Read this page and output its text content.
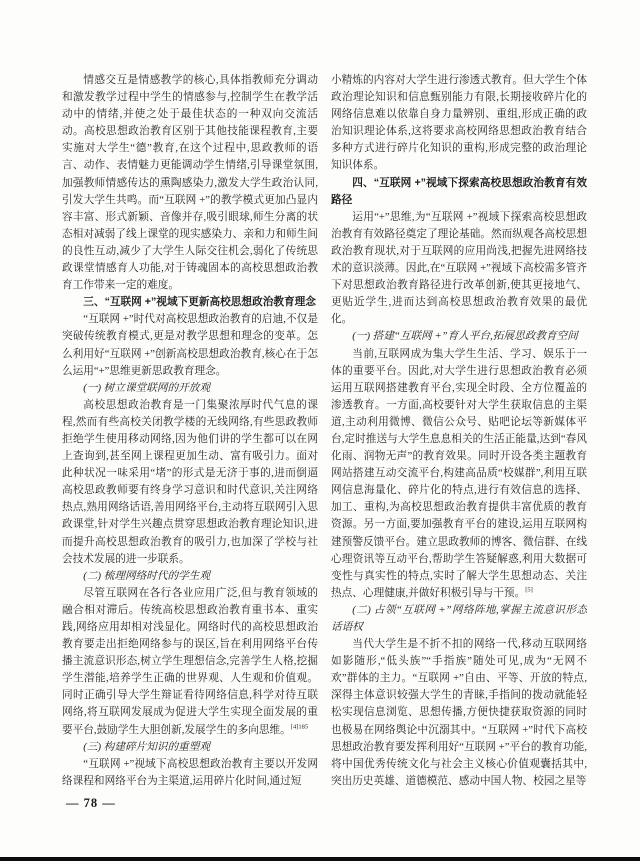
情感交互是情感教学的核心,具体指教师充分调动和激发教学过程中学生的情感参与,控制学生在教学活动中的情绪,并使之处于最佳状态的一种双向交流活动。高校思想政治教育区别于其他技能课程教育,主要实施对大学生“德”教育,在这个过程中,思政教师的语言、动作、表情魅力更能调动学生情绪,引导课堂氛围,加强教师情感传达的熏陶感染力,激发大学生政治认同,引发大学生共鸣。而“互联网 +”的教学模式更加凸显内容丰富、形式新颖、音像并存,吸引眼球,师生分离的状态相对减弱了线上课堂的现实感染力、亲和力和师生间的良性互动,减少了大学生人际交往机会,弱化了传统思政课堂情感育人功能,对于铸魂固本的高校思想政治教育工作带来一定的难度。

三、“互联网 +”视域下更新高校思想政治教育理念

“互联网 +”时代对高校思想政治教育的启迪,不仅是突破传统教育模式,更是对教学思想和理念的变革。怎么利用好“互联网 +”创新高校思想政治教育,核心在于怎么运用“+”思维更新思政教育理念。

(一) 树立课堂联网的开放观

高校思想政治教育是一门集聚浓厚时代气息的课程,然而有些高校关闭教学楼的无线网络,有些思政教师拒绝学生使用移动网络,因为他们讲的学生都可以在网上查询到,甚至网上课程更加生动、富有吸引力。面对此种状况一味采用“堵”的形式是无济于事的,进而倒逼高校思政教师要有终身学习意识和时代意识,关注网络热点,熟用网络话语,善用网络平台,主动将互联网引入思政课堂,针对学生兴趣点贯穿思想政治教育理论知识,进而提升高校思想政治教育的吸引力,也加深了学校与社会技术发展的进一步联系。

(二) 梳理网络时代的学生观

尽管互联网在各行各业应用广泛,但与教育领域的融合相对滞后。传统高校思想政治教育重书本、重实践,网络应用却相对浅显化。网络时代的高校思想政治教育要走出拒绝网络参与的误区,旨在利用网络平台传播主流意识形态,树立学生理想信念,完善学生人格,挖掘学生潜能,培养学生正确的世界观、人生观和价值观。同时正确引导大学生辩证看待网络信息,科学对待互联网络,将互联网发展成为促进大学生实现全面发展的重要平台,鼓励学生大胆创新,发展学生的多向思维。$^{[4]185}$

(三) 构建碎片知识的重塑观

“互联网 +”视域下高校思想政治教育主要以开发网络课程和网络平台为主渠道,运用碎片化时间,通过短

小精炼的内容对大学生进行渗透式教育。但大学生个体政治理论知识和信息甄别能力有限,长期接收碎片化的网络信息难以依靠自身力量辨别、重组,形成正确的政治知识理论体系,这将要求高校网络思想政治教育结合多种方式进行碎片化知识的重构,形成完整的政治理论知识体系。

四、“互联网 +”视域下探索高校思想政治教育有效路径

运用“+”思维,为“互联网 +”视域下探索高校思想政治教育有效路径奠定了理论基础。然而纵观各高校思想政治教育现状,对于互联网的应用尚浅,把握先进网络技术的意识淡薄。因此,在“互联网 +”视域下高校需多管齐下对思想政治教育路径进行改革创新,使其更接地气、更贴近学生,进而达到高校思想政治教育效果的最优化。

(一) 搭建“互联网 +”育人平台,拓展思政教育空间

当前,互联网成为集大学生生活、学习、娱乐于一体的重要平台。因此,对大学生进行思想政治教育必须运用互联网搭建教育平台,实现全时段、全方位覆盖的渗透教育。一方面,高校要针对大学生获取信息的主渠道,主动利用微博、微信公众号、贴吧论坛等新媒体平台,定时推送与大学生息息相关的生活正能量,达到“春风化雨、润物无声”的教育效果。同时开设各类主题教育网站搭建互动交流平台,构建高品质“校媒群”,利用互联网信息海量化、碎片化的特点,进行有效信息的选择、加工、重构,为高校思想政治教育提供丰富优质的教育资源。另一方面,要加强教育平台的建设,运用互联网构建预警反馈平台。建立思政教师的博客、微信群、在线心理资讯等互动平台,帮助学生答疑解惑,利用大数据可变性与真实性的特点,实时了解大学生思想动态、关注热点、心理健康,并做好积极引导与干预。[5]

(二) 占领“互联网 +”网络阵地,掌握主流意识形态话语权

当代大学生是不折不扣的网络一代,移动互联网络如影随形,“低头族”“手指族”随处可见,成为“无网不欢”群体的主力。“互联网 +”自由、平等、开放的特点,深得主体意识较强大学生的青睐,手指间的拨动就能轻松实现信息浏览、思想传播,方便快捷获取资源的同时也极易在网络舆论中沉溺其中。“互联网 +”时代下高校思想政治教育要发挥利用好“互联网 +”平台的教育功能,将中国优秀传统文化与社会主义核心价值观囊括其中,突出历史英雄、道德模范、感动中国人物、校园之星等

— 78 —
